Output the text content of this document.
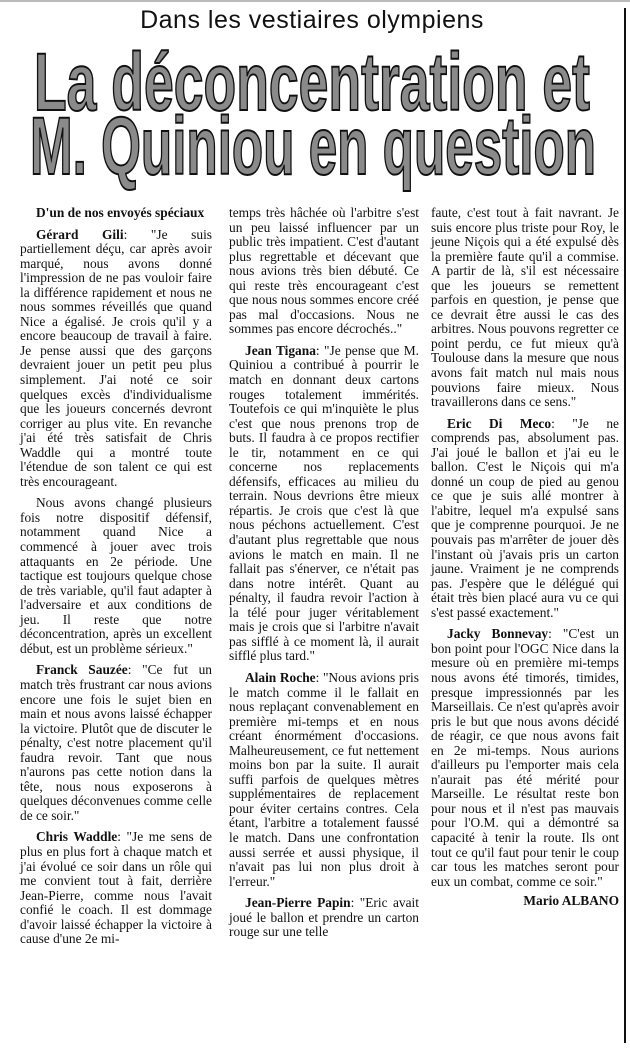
Dans les vestiaires olympiens
La déconcentration et
M. Quiniou en question

D'un de nos envoyés spéciaux

Gérard Gili: "Je suis partiellement déçu, car après avoir marqué, nous avons donné l'impression de ne pas vouloir faire la différence rapidement et nous ne nous sommes réveillés que quand Nice a égalisé. Je crois qu'il y a encore beaucoup de travail à faire. Je pense aussi que des garçons devraient jouer un petit peu plus simplement. J'ai noté ce soir quelques excès d'individualisme que les joueurs concernés devront corriger au plus vite. En revanche j'ai été très satisfait de Chris Waddle qui a montré toute l'étendue de son talent ce qui est très encourageant.

Nous avons changé plusieurs fois notre dispositif défensif, notamment quand Nice a commencé à jouer avec trois attaquants en 2e période. Une tactique est toujours quelque chose de très variable, qu'il faut adapter à l'adversaire et aux conditions de jeu. Il reste que notre déconcentration, après un excellent début, est un problème sérieux."

Franck Sauzée: "Ce fut un match très frustrant car nous avions encore une fois le sujet bien en main et nous avons laissé échapper la victoire. Plutôt que de discuter le pénalty, c'est notre placement qu'il faudra revoir. Tant que nous n'aurons pas cette notion dans la tête, nous nous exposerons à quelques déconvenues comme celle de ce soir."

Chris Waddle: "Je me sens de plus en plus fort à chaque match et j'ai évolué ce soir dans un rôle qui me convient tout à fait, derrière Jean-Pierre, comme nous l'avait confié le coach. Il est dommage d'avoir laissé échapper la victoire à cause d'une 2e mi-

temps très hâchée où l'arbitre s'est un peu laissé influencer par un public très impatient. C'est d'autant plus regrettable et décevant que nous avions très bien débuté. Ce qui reste très encourageant c'est que nous nous sommes encore créé pas mal d'occasions. Nous ne sommes pas encore décrochés.."

Jean Tigana: "Je pense que M. Quiniou a contribué à pourrir le match en donnant deux cartons rouges totalement immérités. Toutefois ce qui m'inquiète le plus c'est que nous prenons trop de buts. Il faudra à ce propos rectifier le tir, notamment en ce qui concerne nos replacements défensifs, efficaces au milieu du terrain. Nous devrions être mieux répartis. Je crois que c'est là que nous péchons actuellement. C'est d'autant plus regrettable que nous avions le match en main. Il ne fallait pas s'énerver, ce n'était pas dans notre intérêt. Quant au pénalty, il faudra revoir l'action à la télé pour juger véritablement mais je crois que si l'arbitre n'avait pas sifflé à ce moment là, il aurait sifflé plus tard."

Alain Roche: "Nous avions pris le match comme il le fallait en nous replaçant convenablement en première mi-temps et en nous créant énormément d'occasions. Malheureusement, ce fut nettement moins bon par la suite. Il aurait suffi parfois de quelques mètres supplémentaires de replacement pour éviter certains contres. Cela étant, l'arbitre a totalement faussé le match. Dans une confrontation aussi serrée et aussi physique, il n'avait pas lui non plus droit à l'erreur."

Jean-Pierre Papin: "Eric avait joué le ballon et prendre un carton rouge sur une telle

faute, c'est tout à fait navrant. Je suis encore plus triste pour Roy, le jeune Niçois qui a été expulsé dès la première faute qu'il a commise. A partir de là, s'il est nécessaire que les joueurs se remettent parfois en question, je pense que ce devrait être aussi le cas des arbitres. Nous pouvons regretter ce point perdu, ce fut mieux qu'à Toulouse dans la mesure que nous avons fait match nul mais nous pouvions faire mieux. Nous travaillerons dans ce sens."

Eric Di Meco: "Je ne comprends pas, absolument pas. J'ai joué le ballon et j'ai eu le ballon. C'est le Niçois qui m'a donné un coup de pied au genou ce que je suis allé montrer à l'abitre, lequel m'a expulsé sans que je comprenne pourquoi. Je ne pouvais pas m'arrêter de jouer dès l'instant où j'avais pris un carton jaune. Vraiment je ne comprends pas. J'espère que le délégué qui était très bien placé aura vu ce qui s'est passé exactement."

Jacky Bonnevay: "C'est un bon point pour l'OGC Nice dans la mesure où en première mi-temps nous avons été timorés, timides, presque impressionnés par les Marseillais. Ce n'est qu'après avoir pris le but que nous avons décidé de réagir, ce que nous avons fait en 2e mi-temps. Nous aurions d'ailleurs pu l'emporter mais cela n'aurait pas été mérité pour Marseille. Le résultat reste bon pour nous et il n'est pas mauvais pour l'O.M. qui a démontré sa capacité à tenir la route. Ils ont tout ce qu'il faut pour tenir le coup car tous les matches seront pour eux un combat, comme ce soir."

Mario ALBANO
